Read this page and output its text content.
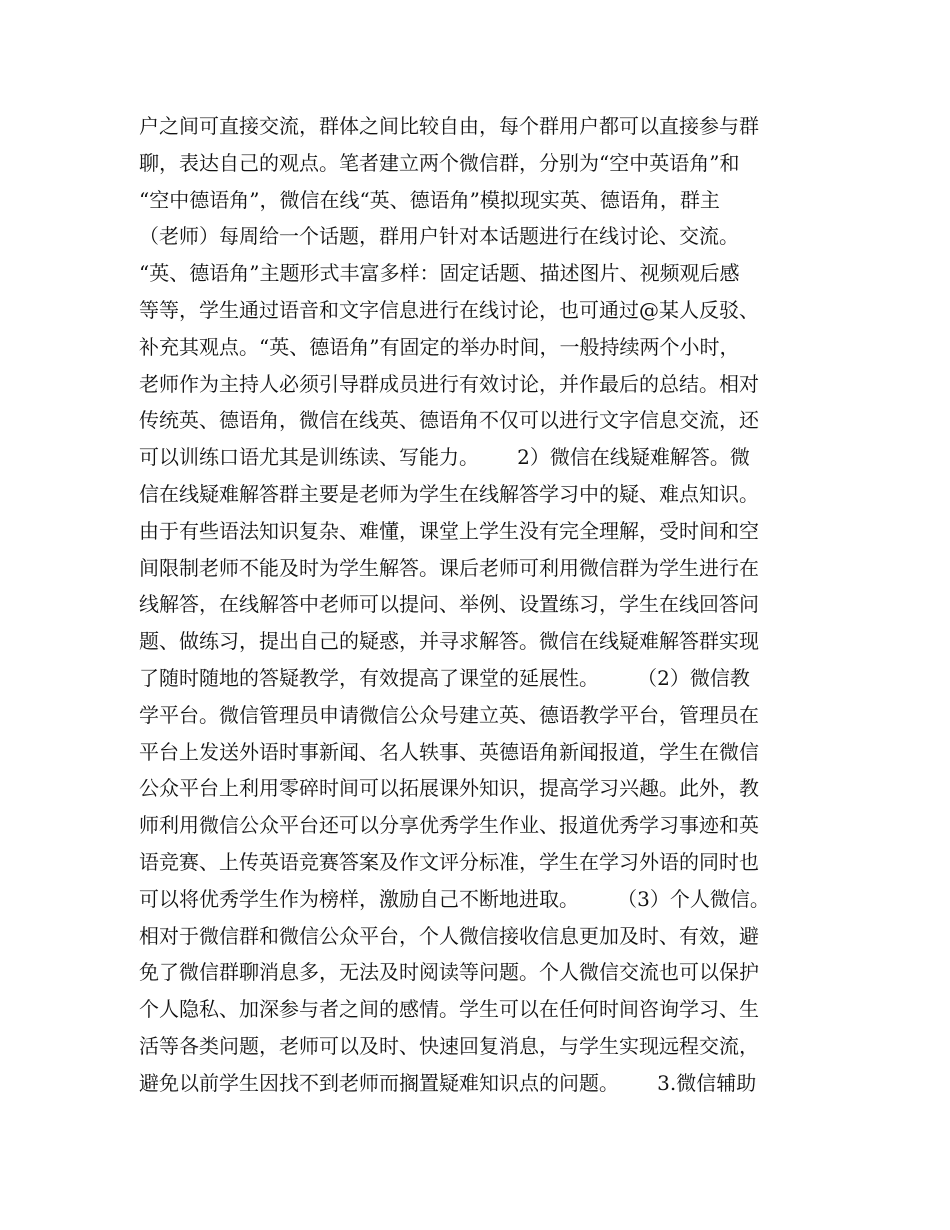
户之间可直接交流，群体之间比较自由，每个群用户都可以直接参与群
聊，表达自己的观点。笔者建立两个微信群，分别为“空中英语角”和
“空中德语角”，微信在线“英、德语角”模拟现实英、德语角，群主
（老师）每周给一个话题，群用户针对本话题进行在线讨论、交流。
“英、德语角”主题形式丰富多样：固定话题、描述图片、视频观后感
等等，学生通过语音和文字信息进行在线讨论，也可通过@某人反驳、
补充其观点。“英、德语角”有固定的举办时间，一般持续两个小时，
老师作为主持人必须引导群成员进行有效讨论，并作最后的总结。相对
传统英、德语角，微信在线英、德语角不仅可以进行文字信息交流，还
可以训练口语尤其是训练读、写能力。      2）微信在线疑难解答。微
信在线疑难解答群主要是老师为学生在线解答学习中的疑、难点知识。
由于有些语法知识复杂、难懂，课堂上学生没有完全理解，受时间和空
间限制老师不能及时为学生解答。课后老师可利用微信群为学生进行在
线解答，在线解答中老师可以提问、举例、设置练习，学生在线回答问
题、做练习，提出自己的疑惑，并寻求解答。微信在线疑难解答群实现
了随时随地的答疑教学，有效提高了课堂的延展性。      （2）微信教
学平台。微信管理员申请微信公众号建立英、德语教学平台，管理员在
平台上发送外语时事新闻、名人轶事、英德语角新闻报道，学生在微信
公众平台上利用零碎时间可以拓展课外知识，提高学习兴趣。此外，教
师利用微信公众平台还可以分享优秀学生作业、报道优秀学习事迹和英
语竞赛、上传英语竞赛答案及作文评分标准，学生在学习外语的同时也
可以将优秀学生作为榜样，激励自己不断地进取。      （3）个人微信。
相对于微信群和微信公众平台，个人微信接收信息更加及时、有效，避
免了微信群聊消息多，无法及时阅读等问题。个人微信交流也可以保护
个人隐私、加深参与者之间的感情。学生可以在任何时间咨询学习、生
活等各类问题，老师可以及时、快速回复消息，与学生实现远程交流，
避免以前学生因找不到老师而搁置疑难知识点的问题。      3.微信辅助
